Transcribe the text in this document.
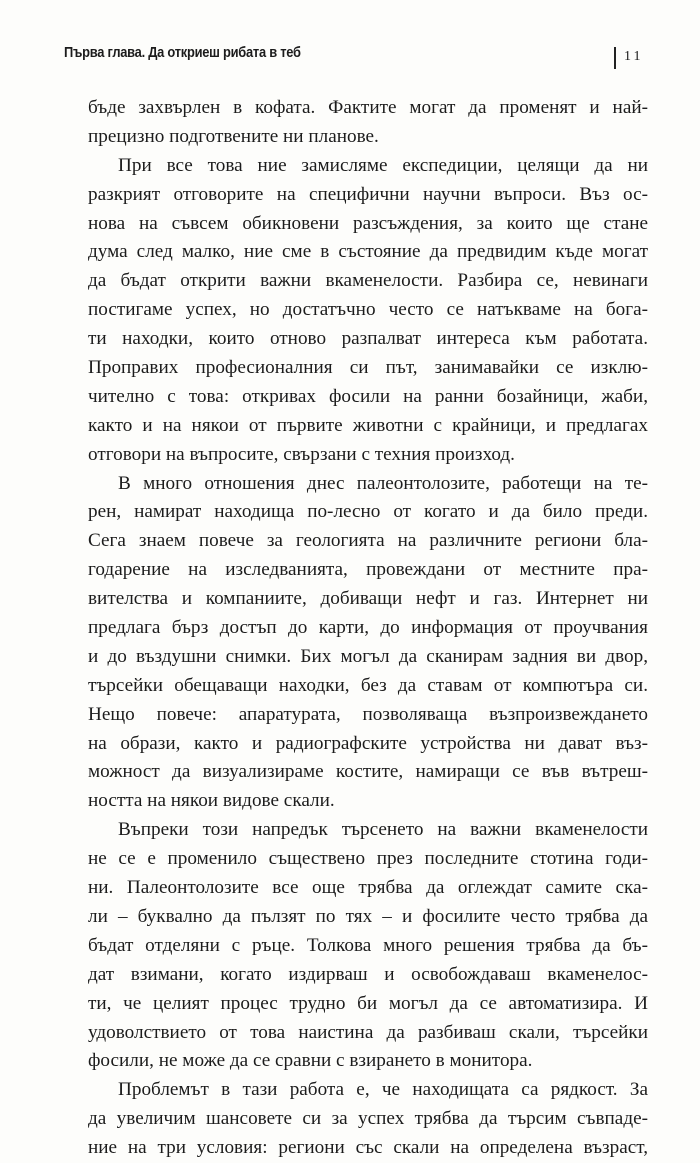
Първа глава. Да откриеш рибата в теб	11
бъде захвърлен в кофата. Фактите могат да променят и най-
прецизно подготвените ни планове.
При все това ние замисляме експедиции, целящи да ни
разкрият отговорите на специфични научни въпроси. Въз ос-
нова на съвсем обикновени разсъждения, за които ще стане
дума след малко, ние сме в състояние да предвидим къде могат
да бъдат открити важни вкаменелости. Разбира се, невинаги
постигаме успех, но достатъчно често се натъкваме на бога-
ти находки, които отново разпалват интереса към работата.
Проправих професионалния си път, занимавайки се изклю-
чително с това: откривах фосили на ранни бозайници, жаби,
както и на някои от първите животни с крайници, и предлагах
отговори на въпросите, свързани с техния произход.
В много отношения днес палеонтолозите, работещи на те-
рен, намират находища по-лесно от когато и да било преди.
Сега знаем повече за геологията на различните региони бла-
годарение на изследванията, провеждани от местните пра-
вителства и компаниите, добиващи нефт и газ. Интернет ни
предлага бърз достъп до карти, до информация от проучвания
и до въздушни снимки. Бих могъл да сканирам задния ви двор,
търсейки обещаващи находки, без да ставам от компютъра си.
Нещо повече: апаратурата, позволяваща възпроизвеждането
на образи, както и радиографските устройства ни дават въз-
можност да визуализираме костите, намиращи се във вътреш-
ността на някои видове скали.
Въпреки този напредък търсенето на важни вкаменелости
не се е променило съществено през последните стотина годи-
ни. Палеонтолозите все още трябва да оглеждат самите ска-
ли – буквално да пълзят по тях – и фосилите често трябва да
бъдат отделяни с ръце. Толкова много решения трябва да бъ-
дат взимани, когато издирваш и освобождаваш вкаменелос-
ти, че целият процес трудно би могъл да се автоматизира. И
удоволствието от това наистина да разбиваш скали, търсейки
фосили, не може да се сравни с взирането в монитора.
Проблемът в тази работа е, че находищата са рядкост. За
да увеличим шансовете си за успех трябва да търсим съвпаде-
ние на три условия: региони със скали на определена възраст,
